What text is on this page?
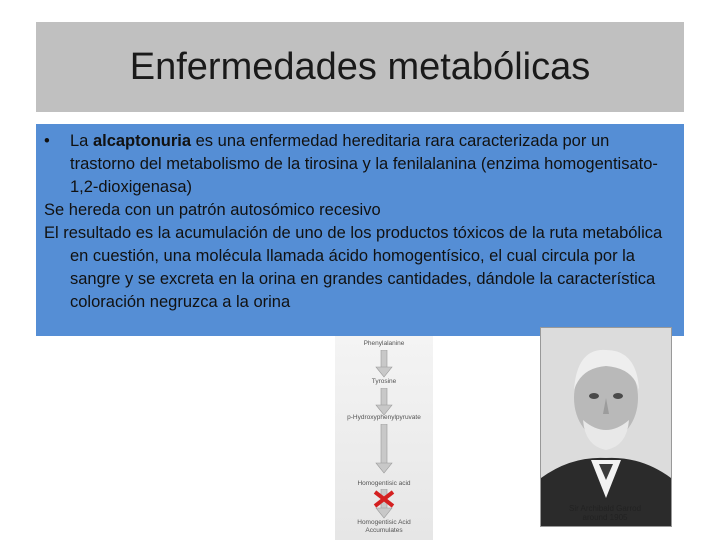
Enfermedades metabólicas

• La alcaptonuria es una enfermedad hereditaria rara caracterizada por un trastorno del metabolismo de la tirosina y la fenilalanina (enzima homogentisato-1,2-dioxigenasa)

Se hereda con un patrón autosómico recesivo

El resultado es la acumulación de uno de los productos tóxicos de la ruta metabólica en cuestión, una molécula llamada ácido homogentísico, el cual circula por la sangre y se excreta en la orina en grandes cantidades, dándole la característica coloración negruzca a la orina

Phenylalanine
Tyrosine
p-Hydroxyphenylpyruvate
Homogentisic acid
Homogentisic Acid Accumulates
Sir Archibald Garrod
around 1905
